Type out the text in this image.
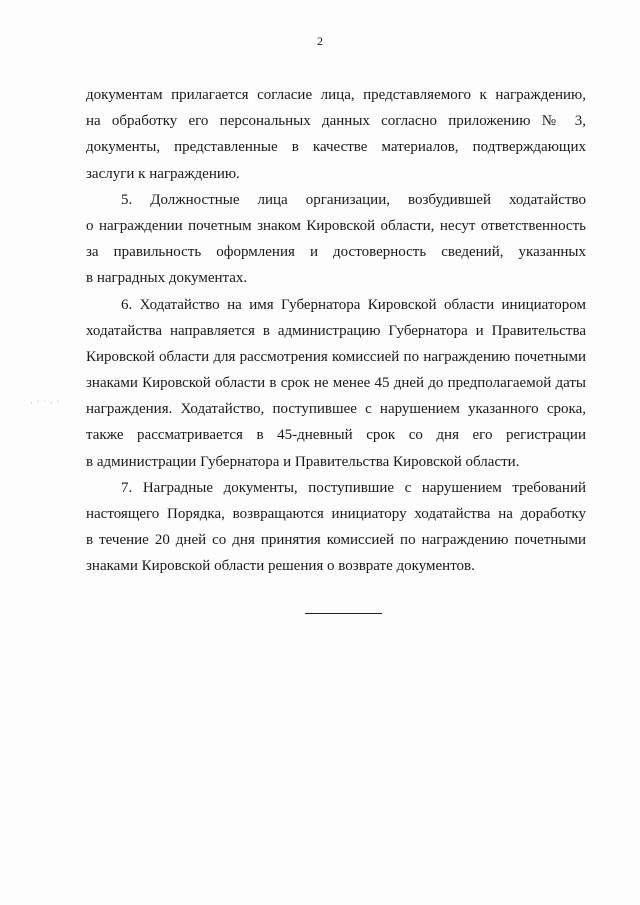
2
· ˙ ˙ · ˙
документам прилагается согласие лица, представляемого к награждению,
на обработку его персональных данных согласно приложению № 3,
документы, представленные в качестве материалов, подтверждающих
заслуги к награждению.
5. Должностные лица организации, возбудившей ходатайство
о награждении почетным знаком Кировской области, несут ответственность
за правильность оформления и достоверность сведений, указанных
в наградных документах.
6. Ходатайство на имя Губернатора Кировской области инициатором
ходатайства направляется в администрацию Губернатора и Правительства
Кировской области для рассмотрения комиссией по награждению почетными
знаками Кировской области в срок не менее 45 дней до предполагаемой даты
награждения. Ходатайство, поступившее с нарушением указанного срока,
также рассматривается в 45-дневный срок со дня его регистрации
в администрации Губернатора и Правительства Кировской области.
7. Наградные документы, поступившие с нарушением требований
настоящего Порядка, возвращаются инициатору ходатайства на доработку
в течение 20 дней со дня принятия комиссией по награждению почетными
знаками Кировской области решения о возврате документов.
